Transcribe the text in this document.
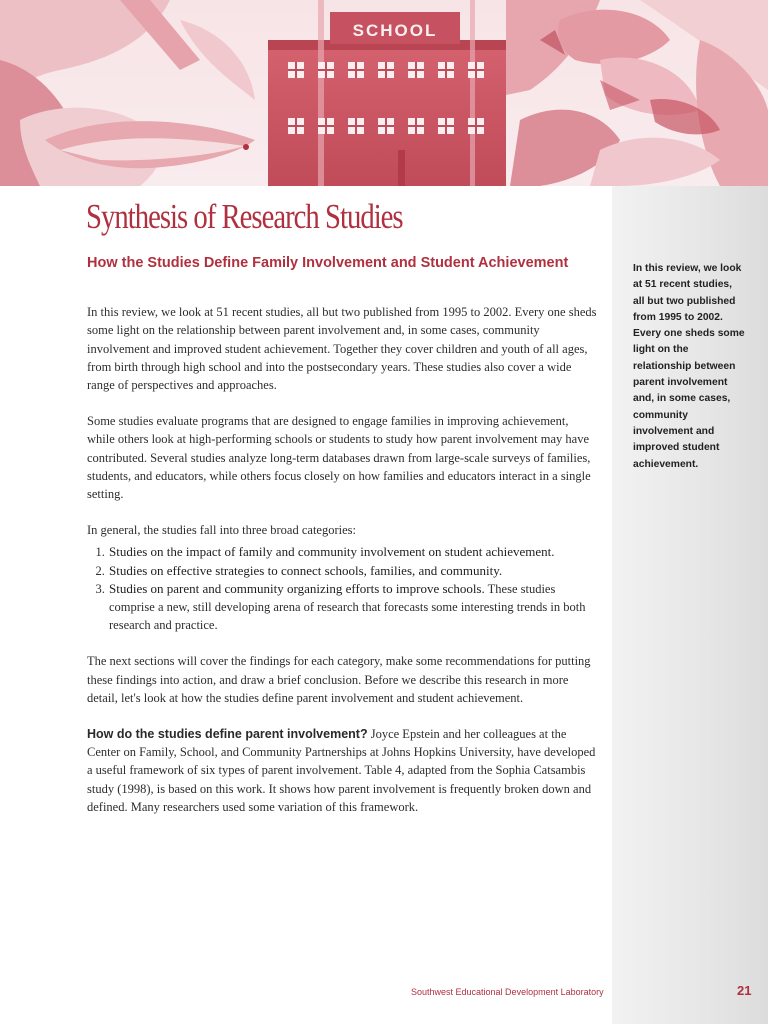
SCHOOL
Synthesis of Research Studies
How the Studies Define Family Involvement and Student Achievement

In this review, we look at 51 recent studies, all but two published from 1995 to 2002. Every one sheds some light on the relationship between parent involvement and, in some cases, community involvement and improved student achievement. Together they cover children and youth of all ages, from birth through high school and into the postsecondary years. These studies also cover a wide range of perspectives and approaches.

Some studies evaluate programs that are designed to engage families in improving achievement, while others look at high-performing schools or students to study how parent involvement may have contributed. Several studies analyze long-term databases drawn from large-scale surveys of families, students, and educators, while others focus closely on how families and educators interact in a single setting.

In general, the studies fall into three broad categories:

1. Studies on the impact of family and community involvement on student achievement.
2. Studies on effective strategies to connect schools, families, and community.
3. Studies on parent and community organizing efforts to improve schools. These studies comprise a new, still developing arena of research that forecasts some interesting trends in both research and practice.

The next sections will cover the findings for each category, make some recommendations for putting these findings into action, and draw a brief conclusion. Before we describe this research in more detail, let's look at how the studies define parent involvement and student achievement.

How do the studies define parent involvement? Joyce Epstein and her colleagues at the Center on Family, School, and Community Partnerships at Johns Hopkins University, have developed a useful framework of six types of parent involvement. Table 4, adapted from the Sophia Catsambis study (1998), is based on this work. It shows how parent involvement is frequently broken down and defined. Many researchers used some variation of this framework.

In this review, we look at 51 recent studies, all but two published from 1995 to 2002. Every one sheds some light on the relationship between parent involvement and, in some cases, community involvement and improved student achievement.
Southwest Educational Development Laboratory	21
